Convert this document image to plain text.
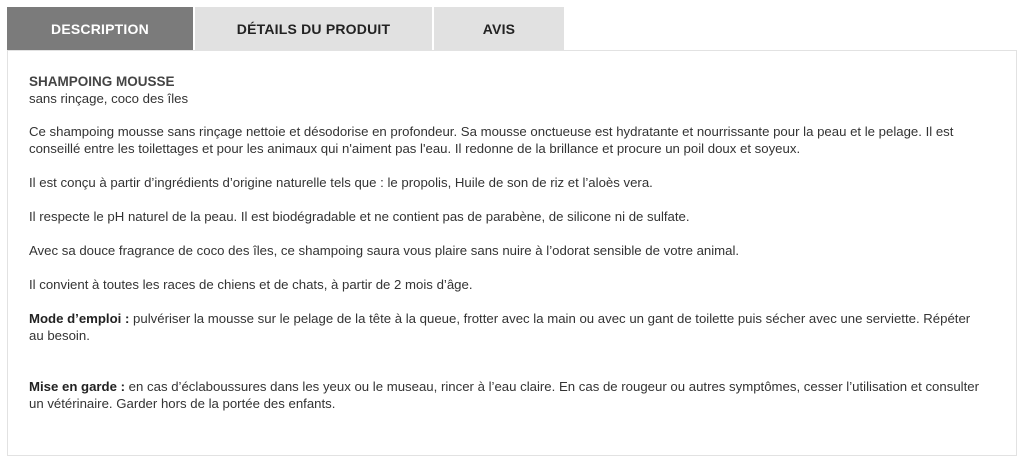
DESCRIPTION	DÉTAILS DU PRODUIT	AVIS
SHAMPOING MOUSSE
sans rinçage, coco des îles

Ce shampoing mousse sans rinçage nettoie et désodorise en profondeur. Sa mousse onctueuse est hydratante et nourrissante pour la peau et le pelage. Il est conseillé entre les toilettages et pour les animaux qui n'aiment pas l'eau. Il redonne de la brillance et procure un poil doux et soyeux.

Il est conçu à partir d’ingrédients d’origine naturelle tels que : le propolis, Huile de son de riz et l’aloès vera.

Il respecte le pH naturel de la peau. Il est biodégradable et ne contient pas de parabène, de silicone ni de sulfate.

Avec sa douce fragrance de coco des îles, ce shampoing saura vous plaire sans nuire à l’odorat sensible de votre animal.

Il convient à toutes les races de chiens et de chats, à partir de 2 mois d’âge.

Mode d’emploi : pulvériser la mousse sur le pelage de la tête à la queue, frotter avec la main ou avec un gant de toilette puis sécher avec une serviette. Répéter au besoin.

Mise en garde : en cas d’éclaboussures dans les yeux ou le museau, rincer à l’eau claire. En cas de rougeur ou autres symptômes, cesser l’utilisation et consulter un vétérinaire. Garder hors de la portée des enfants.
